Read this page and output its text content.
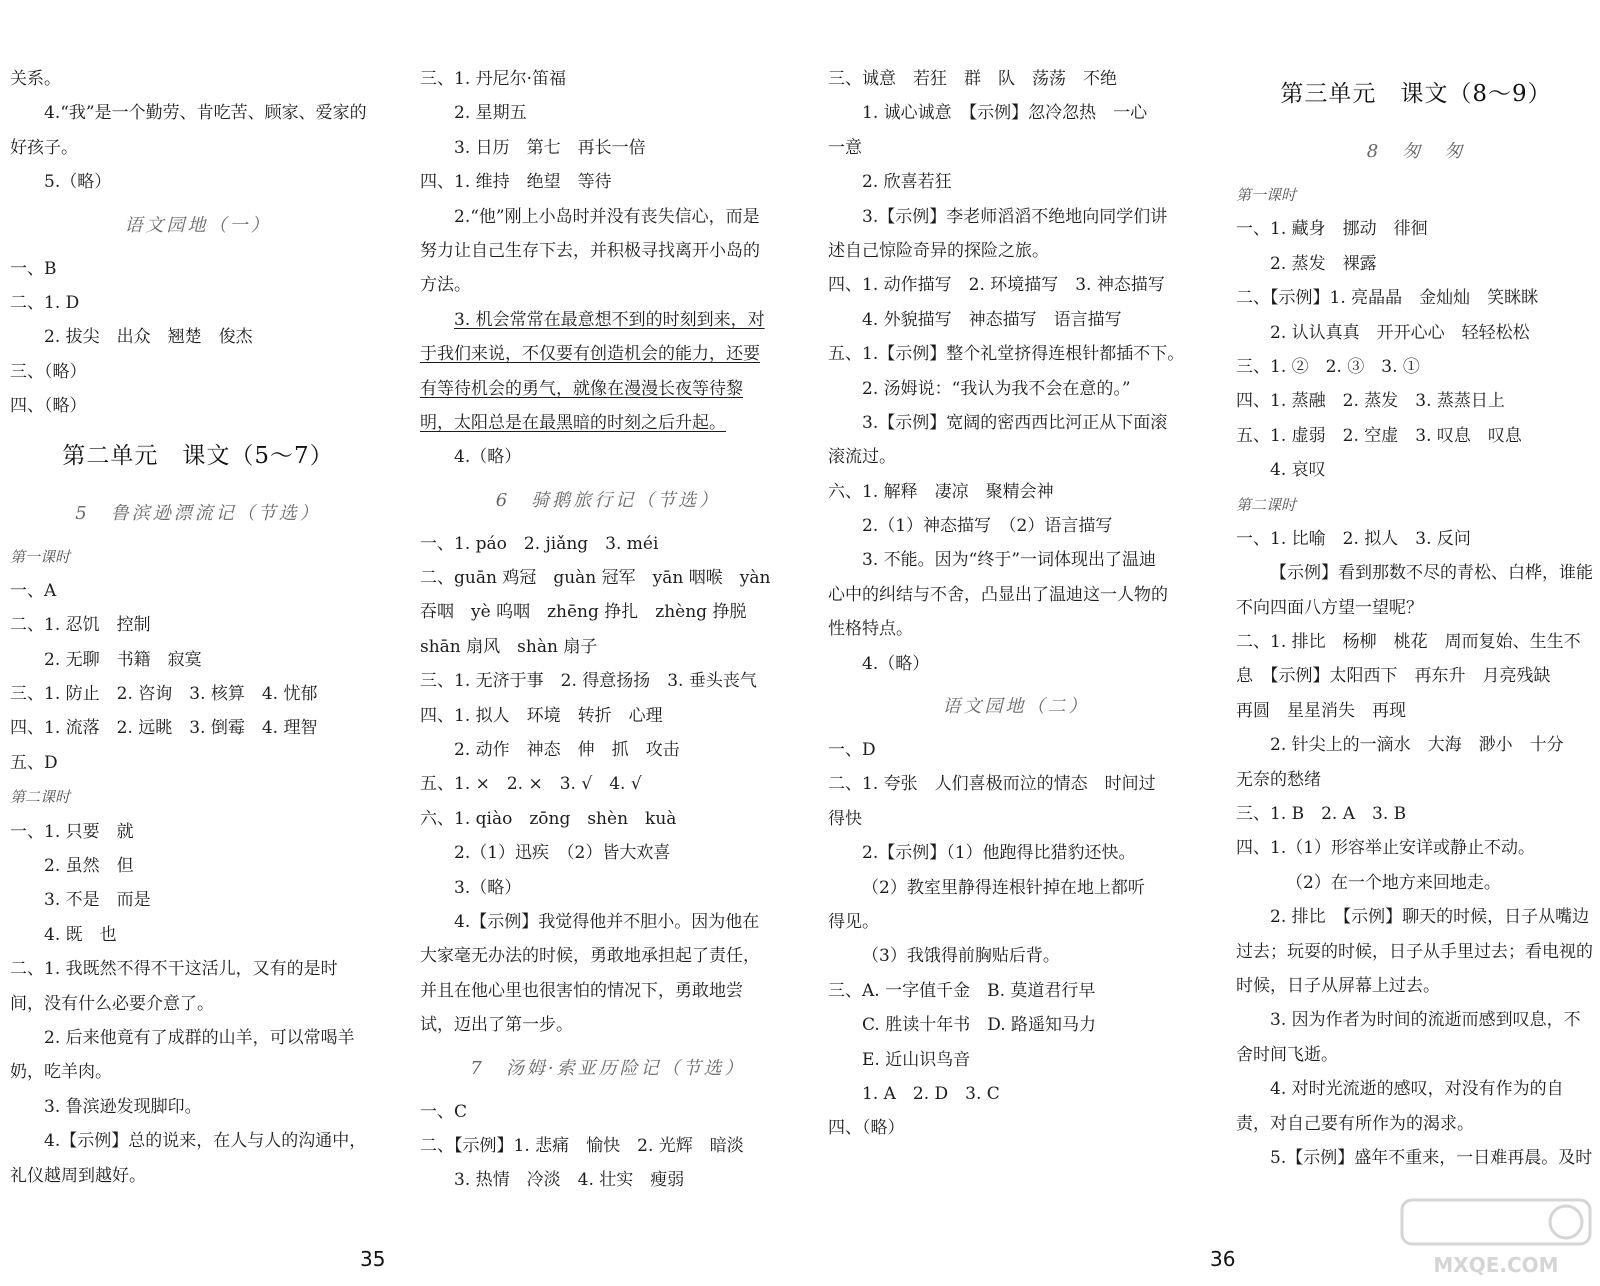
关系。
4.“我”是一个勤劳、肯吃苦、顾家、爱家的
好孩子。
5.（略）
语文园地（一）
一、B
二、1. D
2. 拔尖　出众　翘楚　俊杰
三、（略）
四、（略）
第二单元　课文（5～7）
5　鲁滨逊漂流记（节选）
第一课时
一、A
二、1. 忍饥　控制
2. 无聊　书籍　寂寞
三、1. 防止　2. 咨询　3. 核算　4. 忧郁
四、1. 流落　2. 远眺　3. 倒霉　4. 理智
五、D
第二课时
一、1. 只要　就
2. 虽然　但
3. 不是　而是
4. 既　也
二、1. 我既然不得不干这活儿，又有的是时
间，没有什么必要介意了。
2. 后来他竟有了成群的山羊，可以常喝羊
奶，吃羊肉。
3. 鲁滨逊发现脚印。
4.【示例】总的说来，在人与人的沟通中，
礼仪越周到越好。
三、1. 丹尼尔·笛福
2. 星期五
3. 日历　第七　再长一倍
四、1. 维持　绝望　等待
2.“他”刚上小岛时并没有丧失信心，而是
努力让自己生存下去，并积极寻找离开小岛的
方法。
3. 机会常常在最意想不到的时刻到来，对
于我们来说，不仅要有创造机会的能力，还要
有等待机会的勇气，就像在漫漫长夜等待黎
明，太阳总是在最黑暗的时刻之后升起。
4.（略）
6　骑鹅旅行记（节选）
一、1. páo　2. jiǎng　3. méi
二、guān 鸡冠　guàn 冠军　yān 咽喉　yàn
吞咽　yè 呜咽　zhēng 挣扎　zhèng 挣脱
shān 扇风　shàn 扇子
三、1. 无济于事　2. 得意扬扬　3. 垂头丧气
四、1. 拟人　环境　转折　心理
2. 动作　神态　伸　抓　攻击
五、1. ×　2. ×　3. √　4. √
六、1. qiào　zōng　shèn　kuà
2.（1）迅疾　（2）皆大欢喜
3.（略）
4.【示例】我觉得他并不胆小。因为他在
大家毫无办法的时候，勇敢地承担起了责任，
并且在他心里也很害怕的情况下，勇敢地尝
试，迈出了第一步。
7　汤姆·索亚历险记（节选）
一、C
二、【示例】1. 悲痛　愉快　2. 光辉　暗淡
3. 热情　冷淡　4. 壮实　瘦弱
三、诚意　若狂　群　队　荡荡　不绝
1. 诚心诚意　【示例】忽冷忽热　一心
一意
2. 欣喜若狂
3.【示例】李老师滔滔不绝地向同学们讲
述自己惊险奇异的探险之旅。
四、1. 动作描写　2. 环境描写　3. 神态描写
4. 外貌描写　神态描写　语言描写
五、1.【示例】整个礼堂挤得连根针都插不下。
2. 汤姆说：“我认为我不会在意的。”
3.【示例】宽阔的密西西比河正从下面滚
滚流过。
六、1. 解释　凄凉　聚精会神
2.（1）神态描写　（2）语言描写
3. 不能。因为“终于”一词体现出了温迪
心中的纠结与不舍，凸显出了温迪这一人物的
性格特点。
4.（略）
语文园地（二）
一、D
二、1. 夸张　人们喜极而泣的情态　时间过
得快
2.【示例】（1）他跑得比猎豹还快。
（2）教室里静得连根针掉在地上都听
得见。
（3）我饿得前胸贴后背。
三、A. 一字值千金　B. 莫道君行早
C. 胜读十年书　D. 路遥知马力
E. 近山识鸟音
1. A　2. D　3. C
四、（略）
第三单元　课文（8～9）
8　匆　匆
第一课时
一、1. 藏身　挪动　徘徊
2. 蒸发　裸露
二、【示例】1. 亮晶晶　金灿灿　笑眯眯
2. 认认真真　开开心心　轻轻松松
三、1. ②　2. ③　3. ①
四、1. 蒸融　2. 蒸发　3. 蒸蒸日上
五、1. 虚弱　2. 空虚　3. 叹息　叹息
4. 哀叹
第二课时
一、1. 比喻　2. 拟人　3. 反问
【示例】看到那数不尽的青松、白桦，谁能
不向四面八方望一望呢？
二、1. 排比　杨柳　桃花　周而复始、生生不
息　【示例】太阳西下　再东升　月亮残缺
再圆　星星消失　再现
2. 针尖上的一滴水　大海　渺小　十分
无奈的愁绪
三、1. B　2. A　3. B
四、1.（1）形容举止安详或静止不动。
（2）在一个地方来回地走。
2. 排比　【示例】聊天的时候，日子从嘴边
过去；玩耍的时候，日子从手里过去；看电视的
时候，日子从屏幕上过去。
3. 因为作者为时间的流逝而感到叹息，不
舍时间飞逝。
4. 对时光流逝的感叹，对没有作为的自
责，对自己要有所作为的渴求。
5.【示例】盛年不重来，一日难再晨。及时
35	36	MXQE.COM
